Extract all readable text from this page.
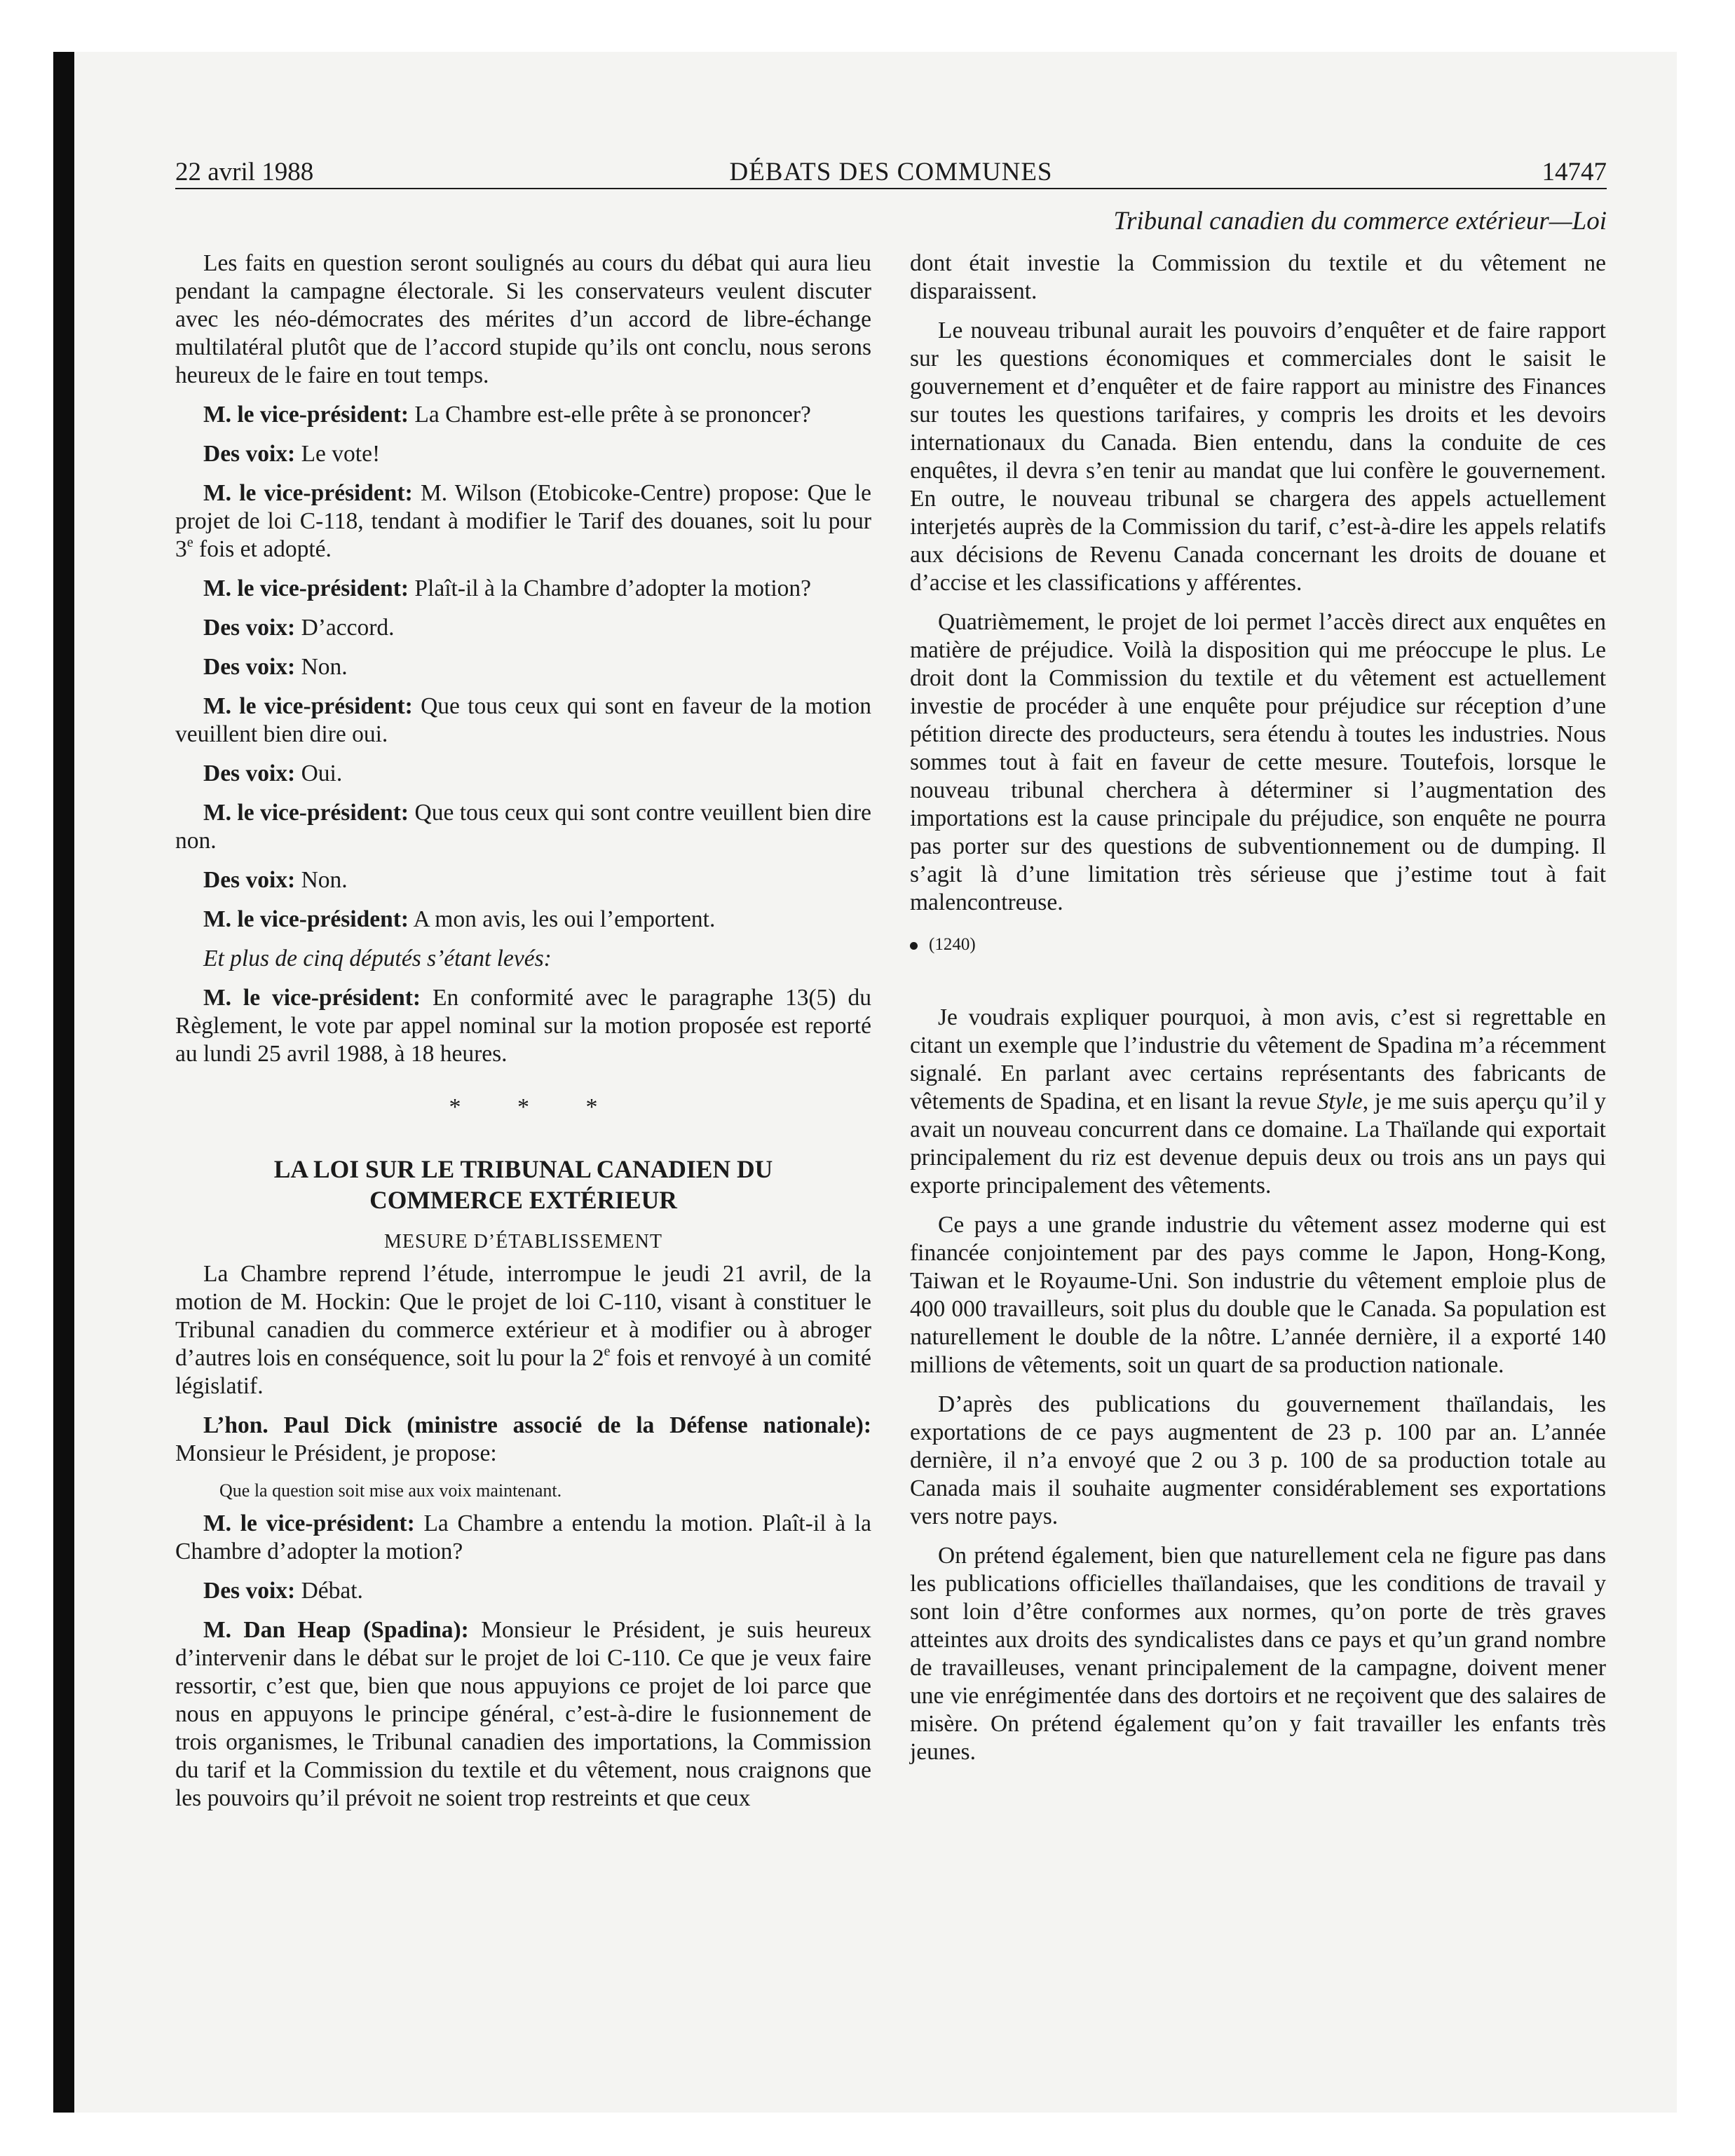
22 avril 1988	DÉBATS DES COMMUNES	14747
Tribunal canadien du commerce extérieur—Loi

Les faits en question seront soulignés au cours du débat qui aura lieu pendant la campagne électorale. Si les conservateurs veulent discuter avec les néo-démocrates des mérites d’un accord de libre-échange multilatéral plutôt que de l’accord stupide qu’ils ont conclu, nous serons heureux de le faire en tout temps.

M. le vice-président: La Chambre est-elle prête à se prononcer?

Des voix: Le vote!

M. le vice-président: M. Wilson (Etobicoke-Centre) propose: Que le projet de loi C-118, tendant à modifier le Tarif des douanes, soit lu pour 3e fois et adopté.

M. le vice-président: Plaît-il à la Chambre d’adopter la motion?

Des voix: D’accord.

Des voix: Non.

M. le vice-président: Que tous ceux qui sont en faveur de la motion veuillent bien dire oui.

Des voix: Oui.

M. le vice-président: Que tous ceux qui sont contre veuillent bien dire non.

Des voix: Non.

M. le vice-président: A mon avis, les oui l’emportent.

Et plus de cinq députés s’étant levés:

M. le vice-président: En conformité avec le paragraphe 13(5) du Règlement, le vote par appel nominal sur la motion proposée est reporté au lundi 25 avril 1988, à 18 heures.

* * *
LA LOI SUR LE TRIBUNAL CANADIEN DU
COMMERCE EXTÉRIEUR
MESURE D’ÉTABLISSEMENT

La Chambre reprend l’étude, interrompue le jeudi 21 avril, de la motion de M. Hockin: Que le projet de loi C-110, visant à constituer le Tribunal canadien du commerce extérieur et à modifier ou à abroger d’autres lois en conséquence, soit lu pour la 2e fois et renvoyé à un comité législatif.

L’hon. Paul Dick (ministre associé de la Défense nationale): Monsieur le Président, je propose:

Que la question soit mise aux voix maintenant.

M. le vice-président: La Chambre a entendu la motion. Plaît-il à la Chambre d’adopter la motion?

Des voix: Débat.

M. Dan Heap (Spadina): Monsieur le Président, je suis heureux d’intervenir dans le débat sur le projet de loi C-110. Ce que je veux faire ressortir, c’est que, bien que nous appuyions ce projet de loi parce que nous en appuyons le principe général, c’est-à-dire le fusionnement de trois organismes, le Tribunal canadien des importations, la Commission du tarif et la Commission du textile et du vêtement, nous craignons que les pouvoirs qu’il prévoit ne soient trop restreints et que ceux

dont était investie la Commission du textile et du vêtement ne disparaissent.

Le nouveau tribunal aurait les pouvoirs d’enquêter et de faire rapport sur les questions économiques et commerciales dont le saisit le gouvernement et d’enquêter et de faire rapport au ministre des Finances sur toutes les questions tarifaires, y compris les droits et les devoirs internationaux du Canada. Bien entendu, dans la conduite de ces enquêtes, il devra s’en tenir au mandat que lui confère le gouvernement. En outre, le nouveau tribunal se chargera des appels actuellement interjetés auprès de la Commission du tarif, c’est-à-dire les appels relatifs aux décisions de Revenu Canada concernant les droits de douane et d’accise et les classifications y afférentes.

Quatrièmement, le projet de loi permet l’accès direct aux enquêtes en matière de préjudice. Voilà la disposition qui me préoccupe le plus. Le droit dont la Commission du textile et du vêtement est actuellement investie de procéder à une enquête pour préjudice sur réception d’une pétition directe des producteurs, sera étendu à toutes les industries. Nous sommes tout à fait en faveur de cette mesure. Toutefois, lorsque le nouveau tribunal cherchera à déterminer si l’augmentation des importations est la cause principale du préjudice, son enquête ne pourra pas porter sur des questions de subventionnement ou de dumping. Il s’agit là d’une limitation très sérieuse que j’estime tout à fait malencontreuse.

(1240)

Je voudrais expliquer pourquoi, à mon avis, c’est si regrettable en citant un exemple que l’industrie du vêtement de Spadina m’a récemment signalé. En parlant avec certains représentants des fabricants de vêtements de Spadina, et en lisant la revue Style, je me suis aperçu qu’il y avait un nouveau concurrent dans ce domaine. La Thaïlande qui exportait principalement du riz est devenue depuis deux ou trois ans un pays qui exporte principalement des vêtements.

Ce pays a une grande industrie du vêtement assez moderne qui est financée conjointement par des pays comme le Japon, Hong-Kong, Taiwan et le Royaume-Uni. Son industrie du vêtement emploie plus de 400 000 travailleurs, soit plus du double que le Canada. Sa population est naturellement le double de la nôtre. L’année dernière, il a exporté 140 millions de vêtements, soit un quart de sa production nationale.

D’après des publications du gouvernement thaïlandais, les exportations de ce pays augmentent de 23 p. 100 par an. L’année dernière, il n’a envoyé que 2 ou 3 p. 100 de sa production totale au Canada mais il souhaite augmenter considérablement ses exportations vers notre pays.

On prétend également, bien que naturellement cela ne figure pas dans les publications officielles thaïlandaises, que les conditions de travail y sont loin d’être conformes aux normes, qu’on porte de très graves atteintes aux droits des syndicalistes dans ce pays et qu’un grand nombre de travailleuses, venant principalement de la campagne, doivent mener une vie enrégimentée dans des dortoirs et ne reçoivent que des salaires de misère. On prétend également qu’on y fait travailler les enfants très jeunes.
